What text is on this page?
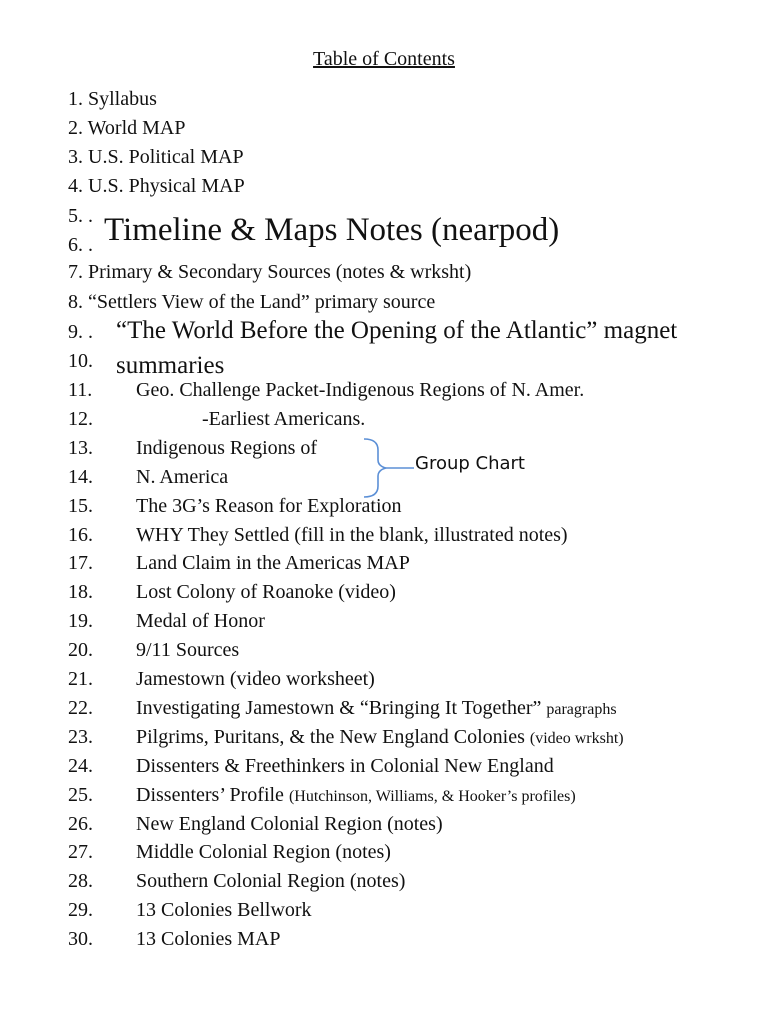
Table of Contents
1. Syllabus
2. World MAP
3. U.S. Political MAP
4. U.S. Physical MAP
5. . Timeline & Maps Notes (nearpod)
6. .
7. Primary & Secondary Sources (notes & wrksht)
8. “Settlers View of the Land” primary source
9. . “The World Before the Opening of the Atlantic” magnet
10. summaries
11. Geo. Challenge Packet-Indigenous Regions of N. Amer.
12.	-Earliest Americans.
13. Indigenous Regions of
14. N. America
15. The 3G’s Reason for Exploration
16. WHY They Settled (fill in the blank, illustrated notes)
17. Land Claim in the Americas MAP
18. Lost Colony of Roanoke (video)
19. Medal of Honor
20. 9/11 Sources
21. Jamestown (video worksheet)
22. Investigating Jamestown & “Bringing It Together” paragraphs
23. Pilgrims, Puritans, & the New England Colonies (video wrksht)
24. Dissenters & Freethinkers in Colonial New England
25. Dissenters’ Profile (Hutchinson, Williams, & Hooker’s profiles)
26. New England Colonial Region (notes)
27. Middle Colonial Region (notes)
28. Southern Colonial Region (notes)
29. 13 Colonies Bellwork
30. 13 Colonies MAP
Group Chart
